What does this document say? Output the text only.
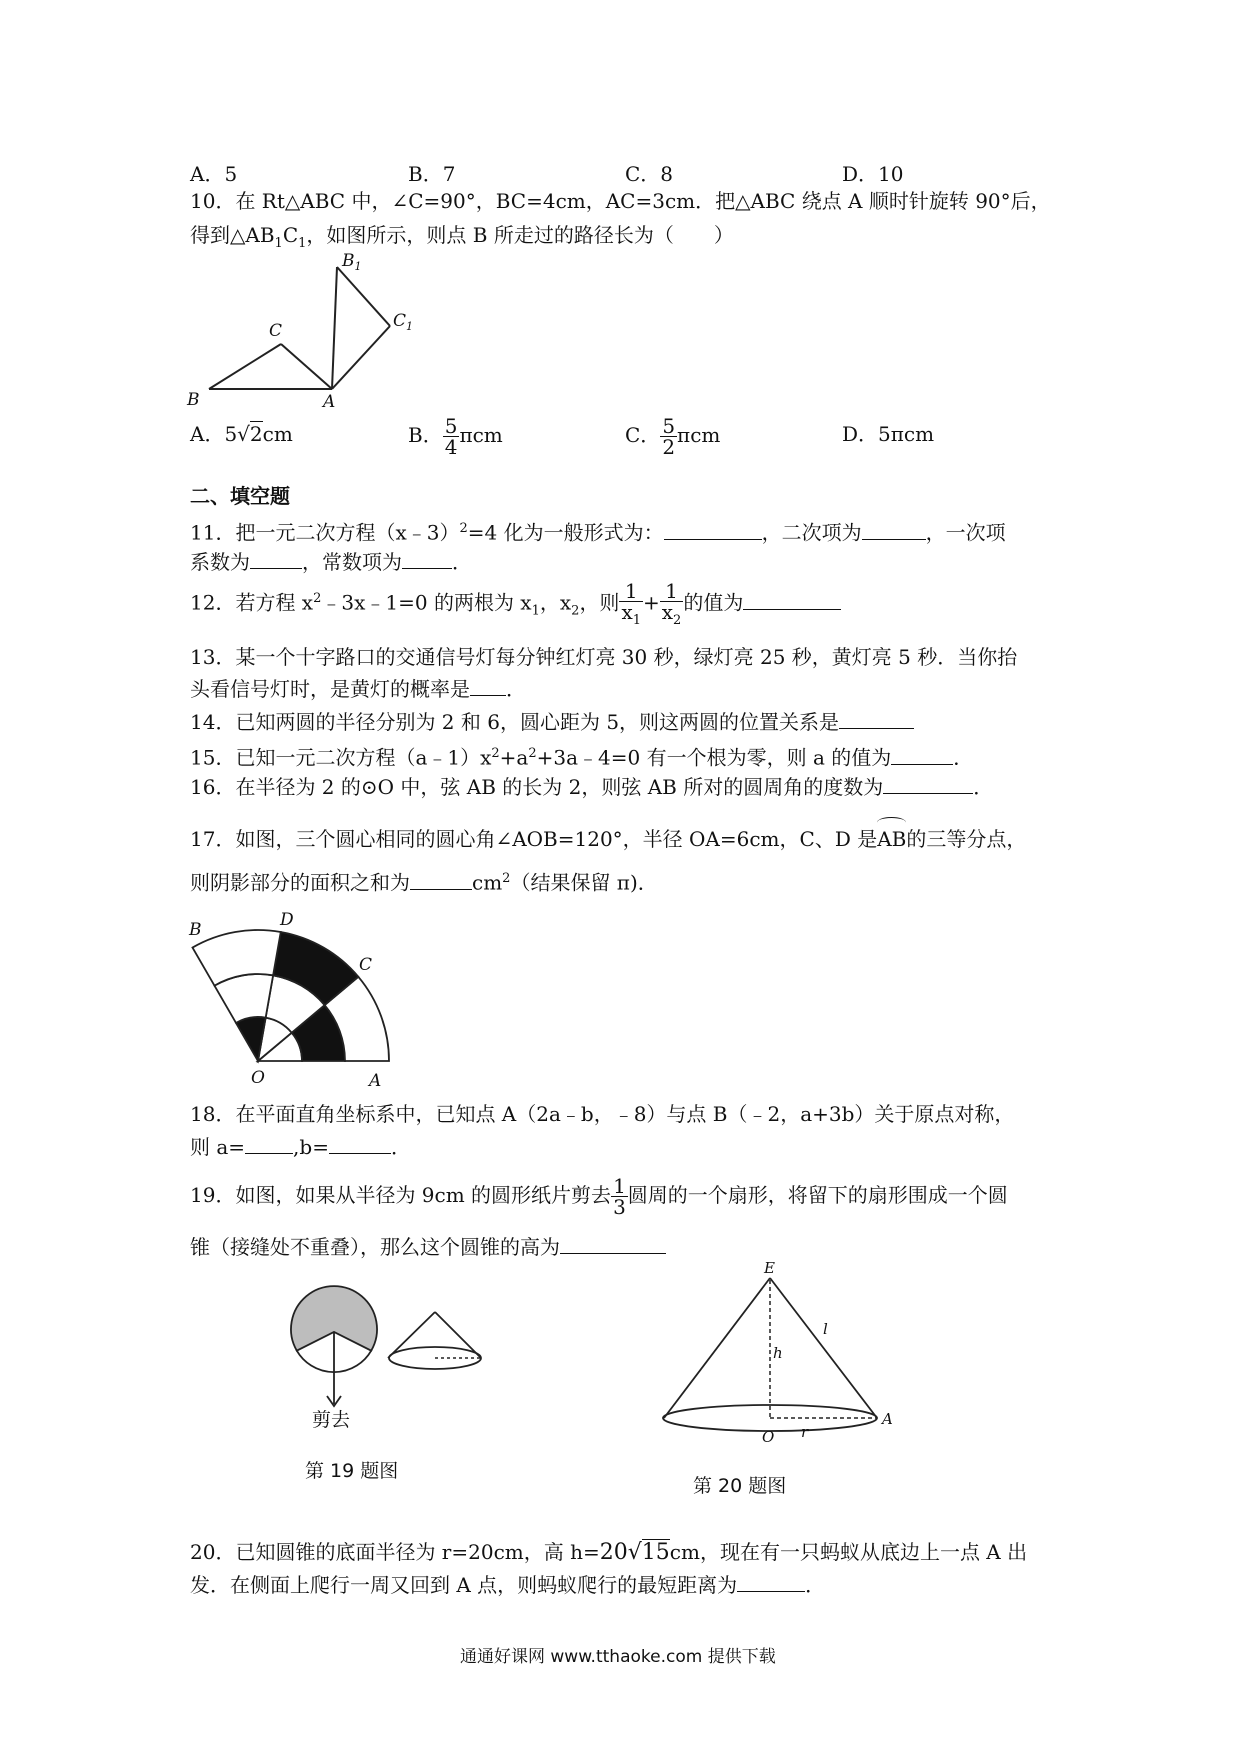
A．5	B．7	C．8	D．10
10．在 Rt△ABC 中，∠C=90°，BC=4cm，AC=3cm．把△ABC 绕点 A 顺时针旋转 90°后，
得到$\triangle AB_1C_1$，如图所示，则点 B 所走过的路径长为（　　）
B
C
A
$B_1$
$C_1$
A．5√2cm	B． $\frac{5}{4}$ πcm	C． $\frac{5}{2}$ πcm	D．5πcm
二、填空题
11．把一元二次方程（x﹣3）$^2$=4 化为一般形式为：	，二次项为	，一次项
系数为	，常数项为	．
12．若方程 $x^2﹣3x﹣1=0$ 的两根为 $x_1$，$x_2$，则 $\frac{1}{x_1} + \frac{1}{x_2}$ 的值为
13．某一个十字路口的交通信号灯每分钟红灯亮 30 秒，绿灯亮 25 秒，黄灯亮 5 秒．当你抬
头看信号灯时，是黄灯的概率是 ．
14．已知两圆的半径分别为 2 和 6，圆心距为 5，则这两圆的位置关系是
15．已知一元二次方程$(a﹣1)x^2+a^2+3a﹣4=0$ 有一个根为零，则 a 的值为	．
16．在半径为 2 的⊙O 中，弦 AB 的长为 2，则弦 AB 所对的圆周角的度数为	．
17．如图，三个圆心相同的圆心角∠AOB=120°，半径 OA=6cm，C、D 是
AB的三等分点，
则阴影部分的面积之和为	$cm^2$（结果保留 π)．
B	D
C
O	A
18．在平面直角坐标系中，已知点 A（2a﹣b，﹣8）与点 B（﹣2，a+3b）关于原点对称，
则 a= ,b=	．
19．如图，如果从半径为 9cm 的圆形纸片剪去 $\frac{1}{3}$ 圆周的一个扇形，将留下的扇形围成一个圆
锥（接缝处不重叠），那么这个圆锥的高为
剪去
第 19 题图
E
l
h
O r
A
第 20 题图
20．已知圆锥的底面半径为 r=20cm，高 h=20√15cm，现在有一只蚂蚁从底边上一点 A 出
发．在侧面上爬行一周又回到 A 点，则蚂蚁爬行的最短距离为	．
通通好课网 www.tthaoke.com 提供下载
